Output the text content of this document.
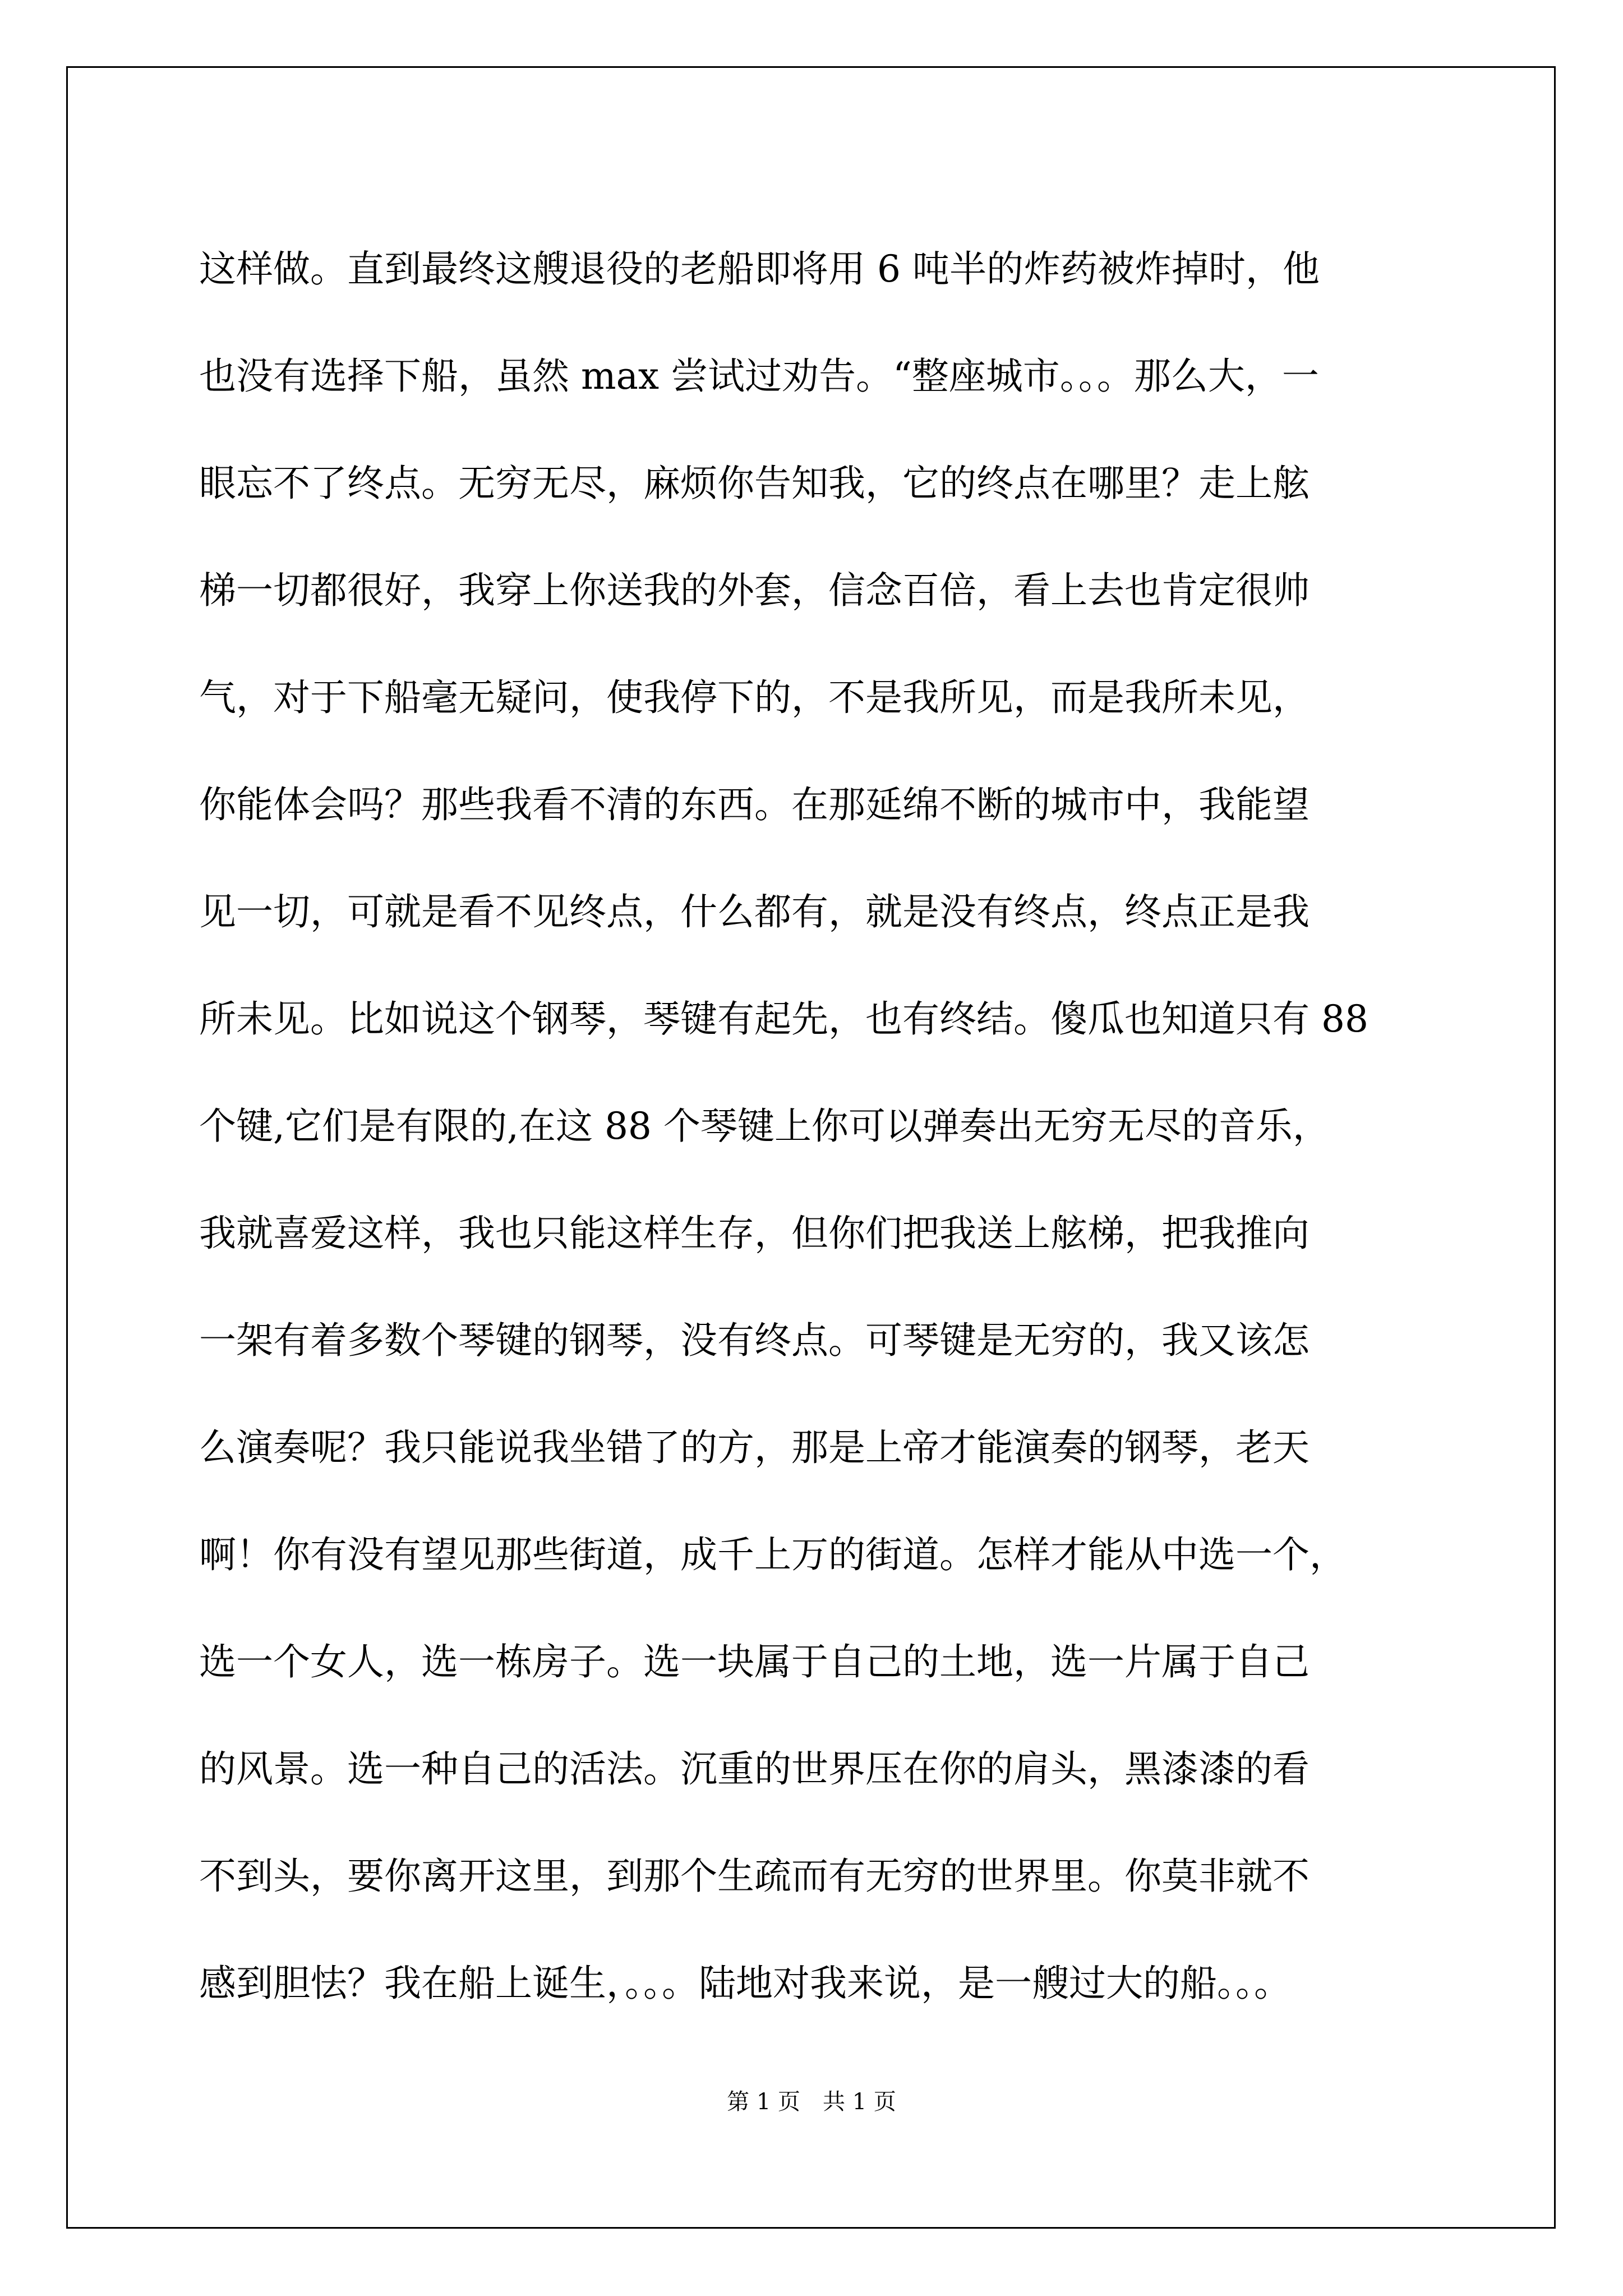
这样做。直到最终这艘退役的老船即将用 6 吨半的炸药被炸掉时，他
也没有选择下船，虽然 max 尝试过劝告。“整座城市。。。那么大，一
眼忘不了终点。无穷无尽，麻烦你告知我，它的终点在哪里？走上舷
梯一切都很好，我穿上你送我的外套，信念百倍，看上去也肯定很帅
气，对于下船毫无疑问，使我停下的，不是我所见，而是我所未见，
你能体会吗？那些我看不清的东西。在那延绵不断的城市中，我能望
见一切，可就是看不见终点，什么都有，就是没有终点，终点正是我
所未见。比如说这个钢琴，琴键有起先，也有终结。傻瓜也知道只有 88
个键,它们是有限的,在这 88 个琴键上你可以弹奏出无穷无尽的音乐，
我就喜爱这样，我也只能这样生存，但你们把我送上舷梯，把我推向
一架有着多数个琴键的钢琴，没有终点。可琴键是无穷的，我又该怎
么演奏呢？我只能说我坐错了的方，那是上帝才能演奏的钢琴，老天
啊！你有没有望见那些街道，成千上万的街道。怎样才能从中选一个，
选一个女人，选一栋房子。选一块属于自己的土地，选一片属于自己
的风景。选一种自己的活法。沉重的世界压在你的肩头，黑漆漆的看
不到头，要你离开这里，到那个生疏而有无穷的世界里。你莫非就不
感到胆怯？我在船上诞生，。。。陆地对我来说，是一艘过大的船。。。
第 1 页 共 1 页
